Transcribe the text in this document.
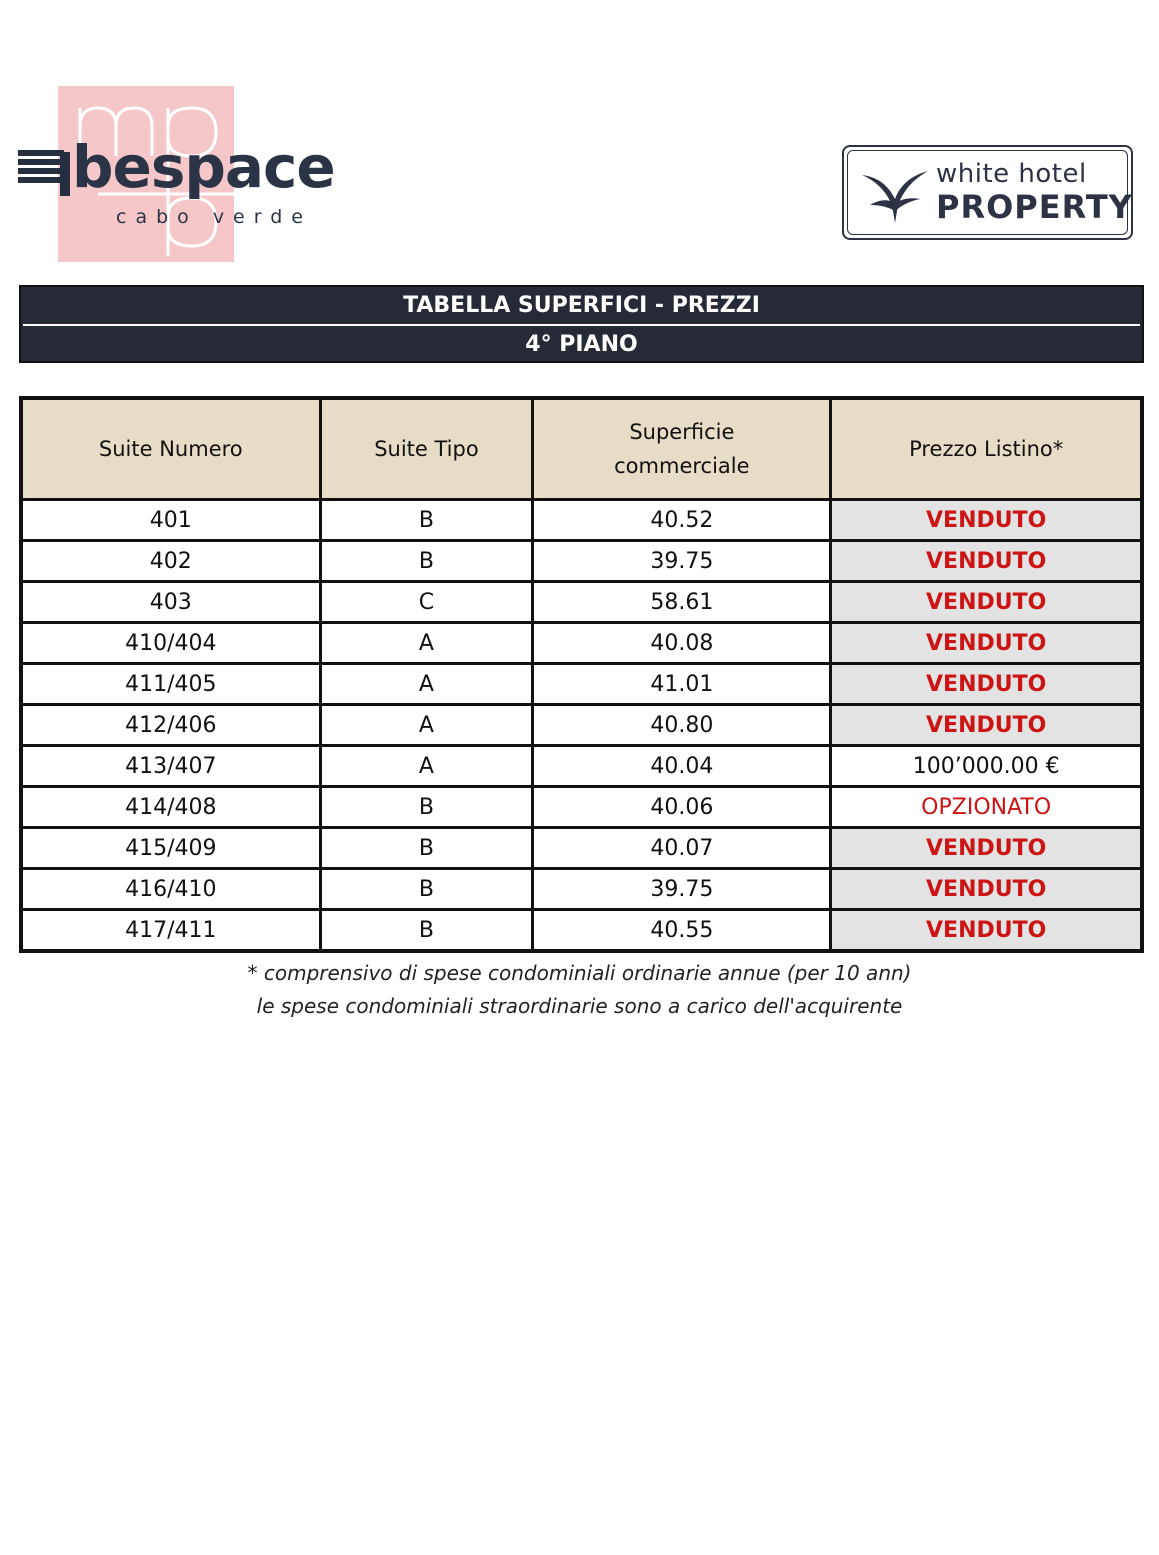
bespace
cabo verde
white hotel
PROPERTY
TABELLA SUPERFICI - PREZZI
4° PIANO
Suite Numero	Suite Tipo	Superficie
commerciale	Prezzo Listino*
401	B	40.52	VENDUTO
402	B	39.75	VENDUTO
403	C	58.61	VENDUTO
410/404	A	40.08	VENDUTO
411/405	A	41.01	VENDUTO
412/406	A	40.80	VENDUTO
413/407	A	40.04	100’000.00 €
414/408	B	40.06	OPZIONATO
415/409	B	40.07	VENDUTO
416/410	B	39.75	VENDUTO
417/411	B	40.55	VENDUTO
* comprensivo di spese condominiali ordinarie annue (per 10 ann)
le spese condominiali straordinarie sono a carico dell'acquirente
